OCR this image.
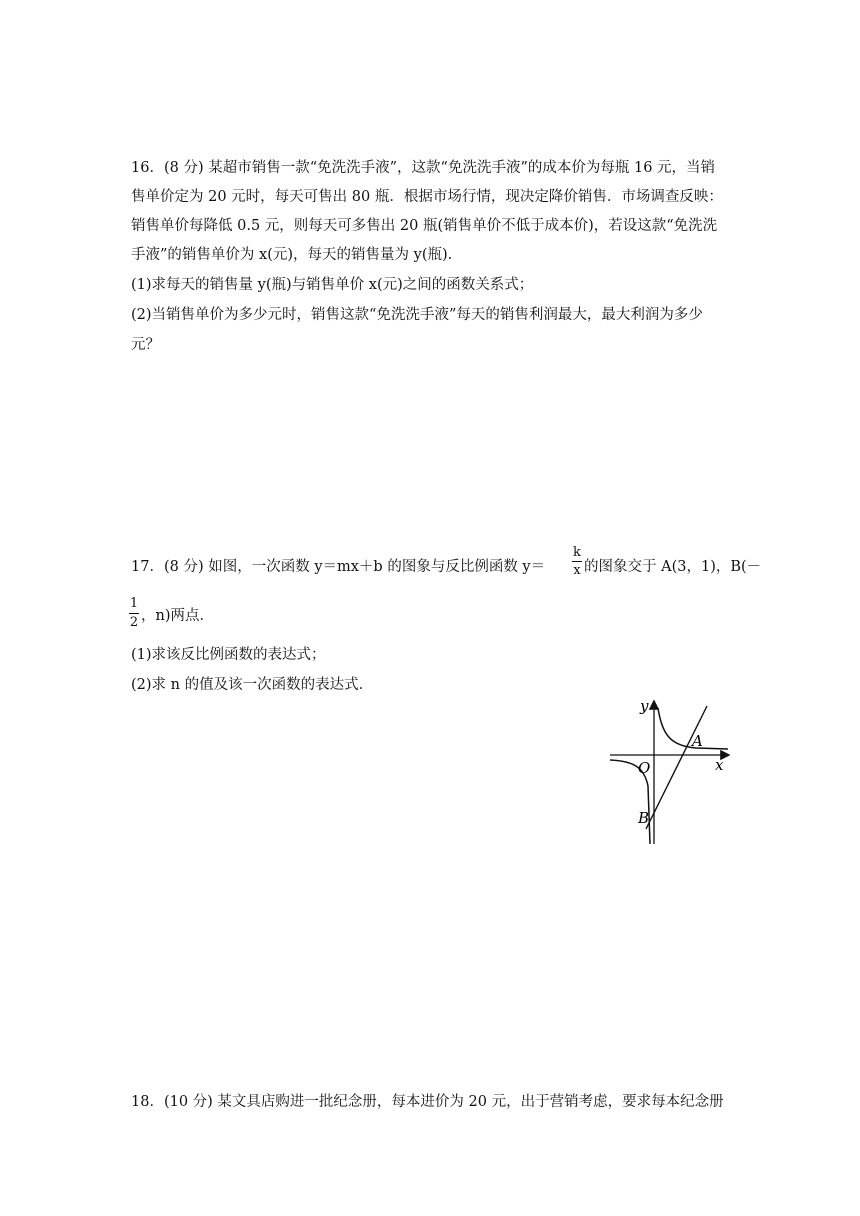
16．(8 分) 某超市销售一款“免洗洗手液”，这款“免洗洗手液”的成本价为每瓶 16 元，当销
售单价定为 20 元时，每天可售出 80 瓶．根据市场行情，现决定降价销售．市场调查反映：
销售单价每降低 0.5 元，则每天可多售出 20 瓶(销售单价不低于成本价)，若设这款“免洗洗
手液”的销售单价为 x(元)，每天的销售量为 y(瓶).
(1)求每天的销售量 y(瓶)与销售单价 x(元)之间的函数关系式；
(2)当销售单价为多少元时，销售这款“免洗洗手液”每天的销售利润最大，最大利润为多少
元？
17．(8 分) 如图，一次函数 y＝mx＋b 的图象与反比例函数 y＝
k
x 的图象交于 A(3，1)，B(－
1
2 ，n)两点．
(1)求该反比例函数的表达式；
(2)求 n 的值及该一次函数的表达式．
y
x
O
A
B
18．(10 分) 某文具店购进一批纪念册，每本进价为 20 元，出于营销考虑，要求每本纪念册
